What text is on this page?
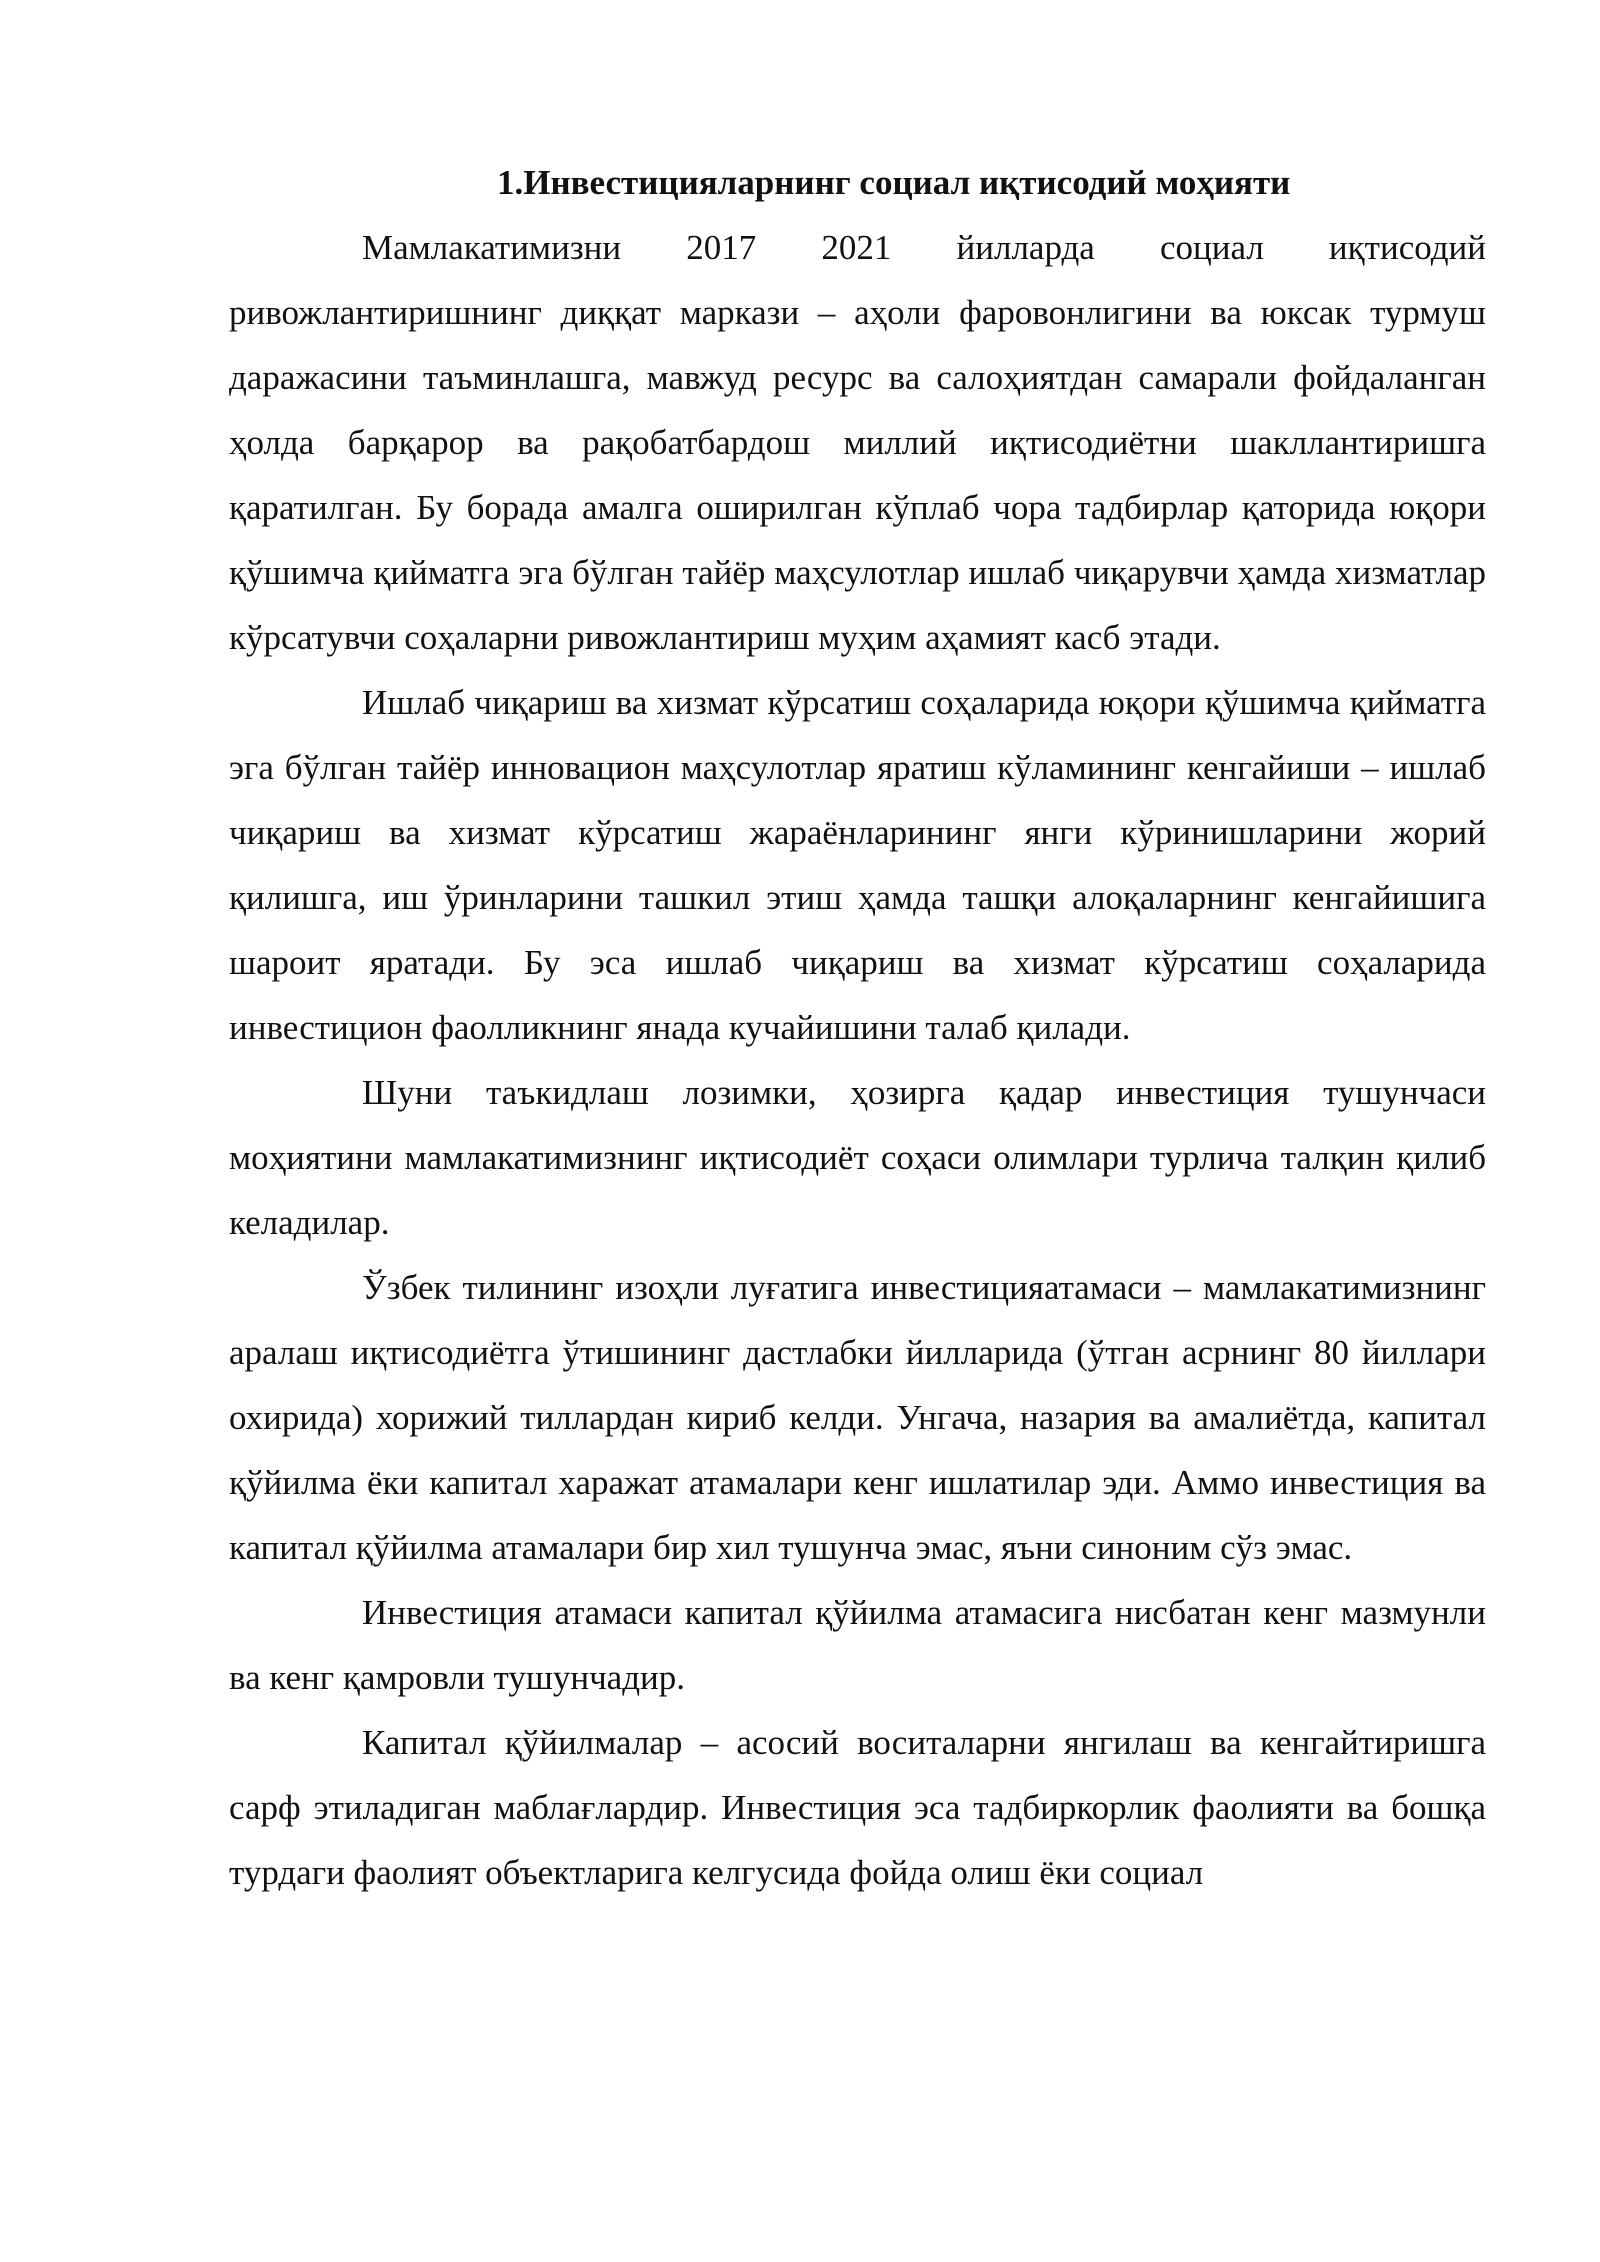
1.Инвестицияларнинг социал иқтисодий моҳияти

Мамлакатимизни 2017 2021 йилларда социал иқтисодий ривожлантиришнинг диққат маркази – аҳоли фаровонлигини ва юксак турмуш даражасини таъминлашга, мавжуд ресурс ва салоҳиятдан самарали фойдаланган ҳолда барқарор ва рақобатбардош миллий иқтисодиётни шакллантиришга қаратилган. Бу борада амалга оширилган кўплаб чора тадбирлар қаторида юқори қўшимча қийматга эга бўлган тайёр маҳсулотлар ишлаб чиқарувчи ҳамда хизматлар кўрсатувчи соҳаларни ривожлантириш муҳим аҳамият касб этади.

Ишлаб чиқариш ва хизмат кўрсатиш соҳаларида юқори қўшимча қийматга эга бўлган тайёр инновацион маҳсулотлар яратиш кўламининг кенгайиши – ишлаб чиқариш ва хизмат кўрсатиш жараёнларининг янги кўринишларини жорий қилишга, иш ўринларини ташкил этиш ҳамда ташқи алоқаларнинг кенгайишига шароит яратади. Бу эса ишлаб чиқариш ва хизмат кўрсатиш соҳаларида инвестицион фаолликнинг янада кучайишини талаб қилади.

Шуни таъкидлаш лозимки, ҳозирга қадар инвестиция тушунчаси моҳиятини мамлакатимизнинг иқтисодиёт соҳаси олимлари турлича талқин қилиб келадилар.

Ўзбек тилининг изоҳли луғатига инвестицияатамаси – мамлакатимизнинг аралаш иқтисодиётга ўтишининг дастлабки йилларида (ўтган асрнинг 80 йиллари охирида) хорижий тиллардан кириб келди. Унгача, назария ва амалиётда, капитал қўйилма ёки капитал харажат атамалари кенг ишлатилар эди. Аммо инвестиция ва капитал қўйилма атамалари бир хил тушунча эмас, яъни синоним сўз эмас.

Инвестиция атамаси капитал қўйилма атамасига нисбатан кенг мазмунли ва кенг қамровли тушунчадир.

Капитал қўйилмалар – асосий воситаларни янгилаш ва кенгайтиришга сарф этиладиган маблағлардир. Инвестиция эса тадбиркорлик фаолияти ва бошқа турдаги фаолият объектларига келгусида фойда олиш ёки социал
